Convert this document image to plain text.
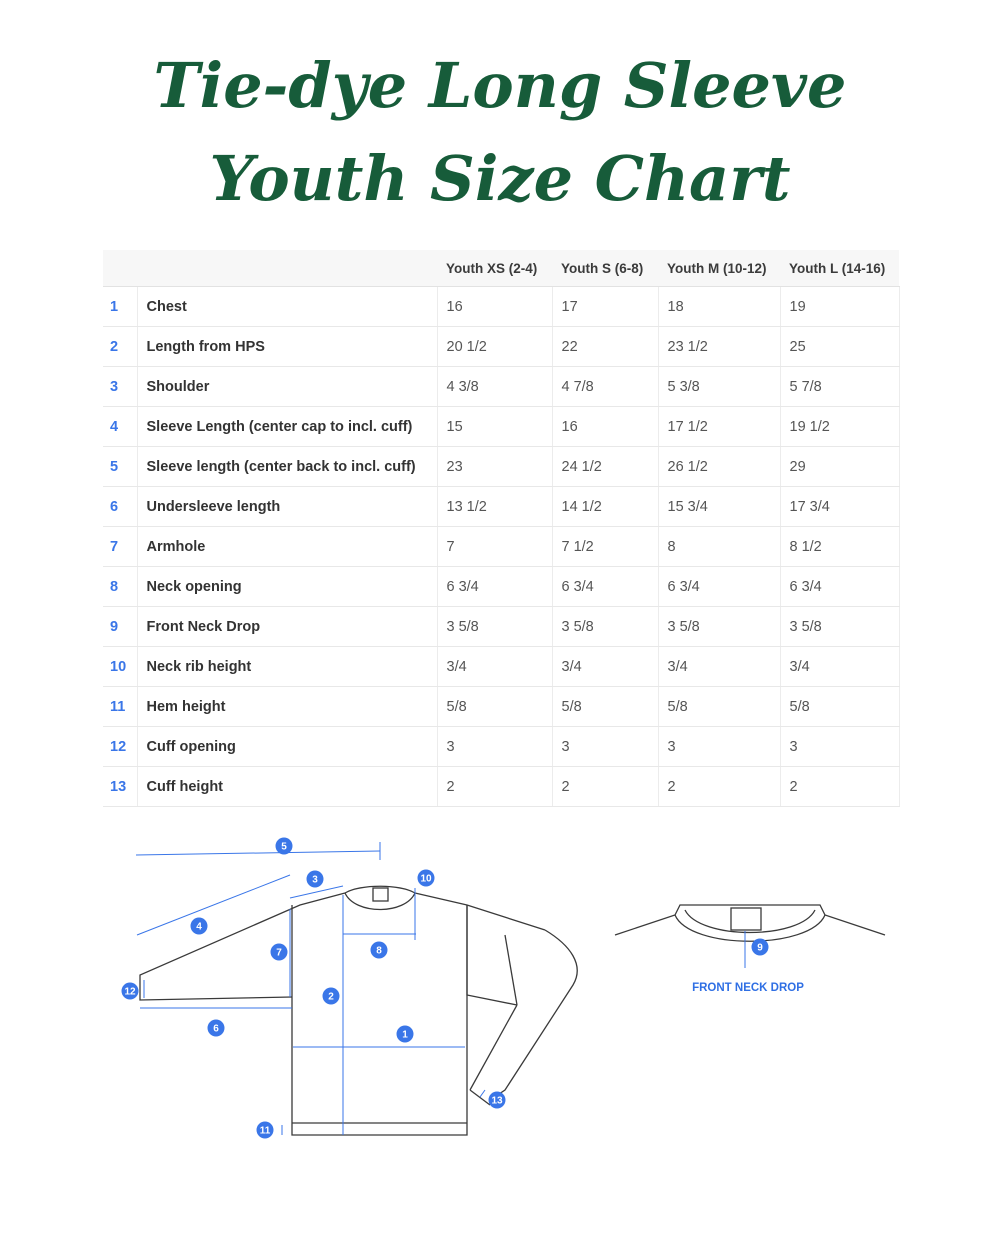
Tie-dye Long Sleeve
Youth Size Chart
		Youth XS (2-4)	Youth S (6-8)	Youth M (10-12)	Youth L (14-16)
1	Chest	16	17	18	19
2	Length from HPS	20 1/2	22	23 1/2	25
3	Shoulder	4 3/8	4 7/8	5 3/8	5 7/8
4	Sleeve Length (center cap to incl. cuff)	15	16	17 1/2	19 1/2
5	Sleeve length (center back to incl. cuff)	23	24 1/2	26 1/2	29
6	Undersleeve length	13 1/2	14 1/2	15 3/4	17 3/4
7	Armhole	7	7 1/2	8	8 1/2
8	Neck opening	6 3/4	6 3/4	6 3/4	6 3/4
9	Front Neck Drop	3 5/8	3 5/8	3 5/8	3 5/8
10	Neck rib height	3/4	3/4	3/4	3/4
11	Hem height	5/8	5/8	5/8	5/8
12	Cuff opening	3	3	3	3
13	Cuff height	2	2	2	2
FRONT NECK DROP
1
2
3
4
5
6
7	8	9
10
11
12
13
